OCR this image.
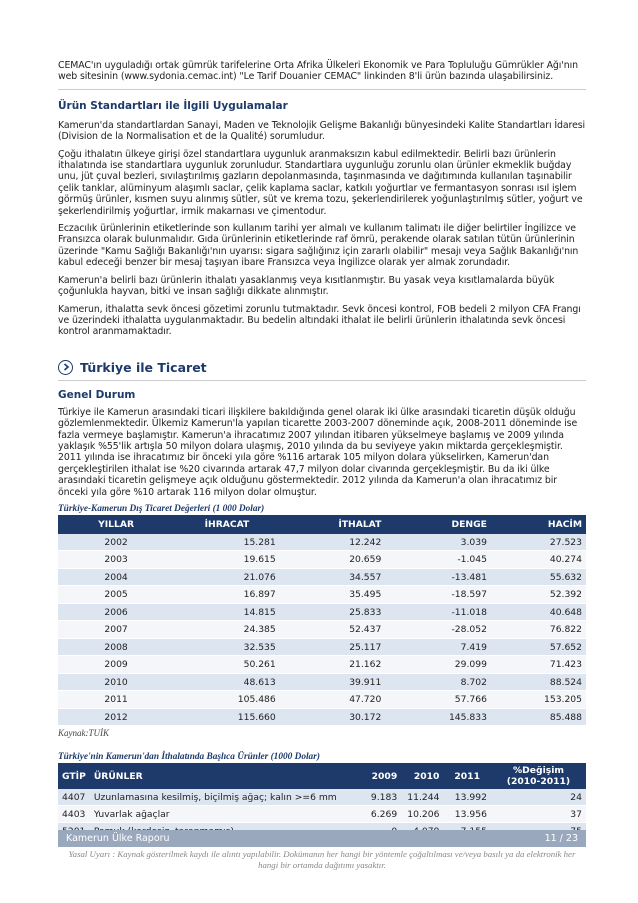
CEMAC'ın uyguladığı ortak gümrük tarifelerine Orta Afrika Ülkeleri Ekonomik ve Para Topluluğu Gümrükler Ağı'nın web sitesinin (www.sydonia.cemac.int) "Le Tarif Douanier CEMAC" linkinden 8'li ürün bazında ulaşabilirsiniz.

Ürün Standartları ile İlgili Uygulamalar

Kamerun'da standartlardan Sanayi, Maden ve Teknolojik Gelişme Bakanlığı bünyesindeki Kalite Standartları İdaresi (Division de la Normalisation et de la Qualité) sorumludur.

Çoğu ithalatın ülkeye girişi özel standartlara uygunluk aranmaksızın kabul edilmektedir. Belirli bazı ürünlerin ithalatında ise standartlara uygunluk zorunludur. Standartlara uygunluğu zorunlu olan ürünler ekmeklik buğday unu, jüt çuval bezleri, sıvılaştırılmış gazların depolanmasında, taşınmasında ve dağıtımında kullanılan taşınabilir çelik tanklar, alüminyum alaşımlı saclar, çelik kaplama saclar, katkılı yoğurtlar ve fermantasyon sonrası ısıl işlem görmüş ürünler, kısmen suyu alınmış sütler, süt ve krema tozu, şekerlendirilerek yoğunlaştırılmış sütler, yoğurt ve şekerlendirilmiş yoğurtlar, irmik makarnası ve çimentodur.

Eczacılık ürünlerinin etiketlerinde son kullanım tarihi yer almalı ve kullanım talimatı ile diğer belirtiler İngilizce ve Fransızca olarak bulunmalıdır. Gıda ürünlerinin etiketlerinde raf ömrü, perakende olarak satılan tütün ürünlerinin üzerinde "Kamu Sağlığı Bakanlığı'nın uyarısı: sigara sağlığınız için zararlı olabilir" mesajı veya Sağlık Bakanlığı'nın kabul edeceği benzer bir mesaj taşıyan ibare Fransızca veya İngilizce olarak yer almak zorundadır.

Kamerun'a belirli bazı ürünlerin ithalatı yasaklanmış veya kısıtlanmıştır. Bu yasak veya kısıtlamalarda büyük çoğunlukla hayvan, bitki ve insan sağlığı dikkate alınmıştır.

Kamerun, ithalatta sevk öncesi gözetimi zorunlu tutmaktadır. Sevk öncesi kontrol, FOB bedeli 2 milyon CFA Frangı ve üzerindeki ithalatta uygulanmaktadır. Bu bedelin altındaki ithalat ile belirli ürünlerin ithalatında sevk öncesi kontrol aranmamaktadır.

Türkiye ile Ticaret
Genel Durum

Türkiye ile Kamerun arasındaki ticari ilişkilere bakıldığında genel olarak iki ülke arasındaki ticaretin düşük olduğu gözlemlenmektedir. Ülkemiz Kamerun'la yapılan ticarette 2003-2007 döneminde açık, 2008-2011 döneminde ise fazla vermeye başlamıştır. Kamerun'a ihracatımız 2007 yılından itibaren yükselmeye başlamış ve 2009 yılında yaklaşık %55'lik artışla 50 milyon dolara ulaşmış, 2010 yılında da bu seviyeye yakın miktarda gerçekleşmiştir. 2011 yılında ise ihracatımız bir önceki yıla göre %116 artarak 105 milyon dolara yükselirken, Kamerun'dan gerçekleştirilen ithalat ise %20 civarında artarak 47,7 milyon dolar civarında gerçekleşmiştir. Bu da iki ülke arasındaki ticaretin gelişmeye açık olduğunu göstermektedir. 2012 yılında da Kamerun'a olan ihracatımız bir önceki yıla göre %10 artarak 116 milyon dolar olmuştur.

Türkiye-Kamerun Dış Ticaret Değerleri (1 000 Dolar)
YILLAR	İHRACAT	İTHALAT	DENGE	HACİM
2002	15.281	12.242	3.039	27.523
2003	19.615	20.659	-1.045	40.274
2004	21.076	34.557	-13.481	55.632
2005	16.897	35.495	-18.597	52.392
2006	14.815	25.833	-11.018	40.648
2007	24.385	52.437	-28.052	76.822
2008	32.535	25.117	7.419	57.652
2009	50.261	21.162	29.099	71.423
2010	48.613	39.911	8.702	88.524
2011	105.486	47.720	57.766	153.205
2012	115.660	30.172	145.833	85.488
Kaynak:TUİK
Türkiye'nin Kamerun'dan İthalatında Başlıca Ürünler (1000 Dolar)
GTİP	ÜRÜNLER	2009	2010	2011	%Değişim (2010-2011)
4407	Uzunlamasına kesilmiş, biçilmiş ağaç; kalın >=6 mm	9.183	11.244	13.992	24
4403	Yuvarlak ağaçlar	6.269	10.206	13.956	37

Kamerun Ülke Raporu	11 / 23
Yasal Uyarı : Kaynak gösterilmek kaydı ile alıntı yapılabilir. Dokümanın her hangi bir yöntemle çoğaltılması ve/veya basılı ya da elektronik her hangi bir ortamda dağıtımı yasaktır.
